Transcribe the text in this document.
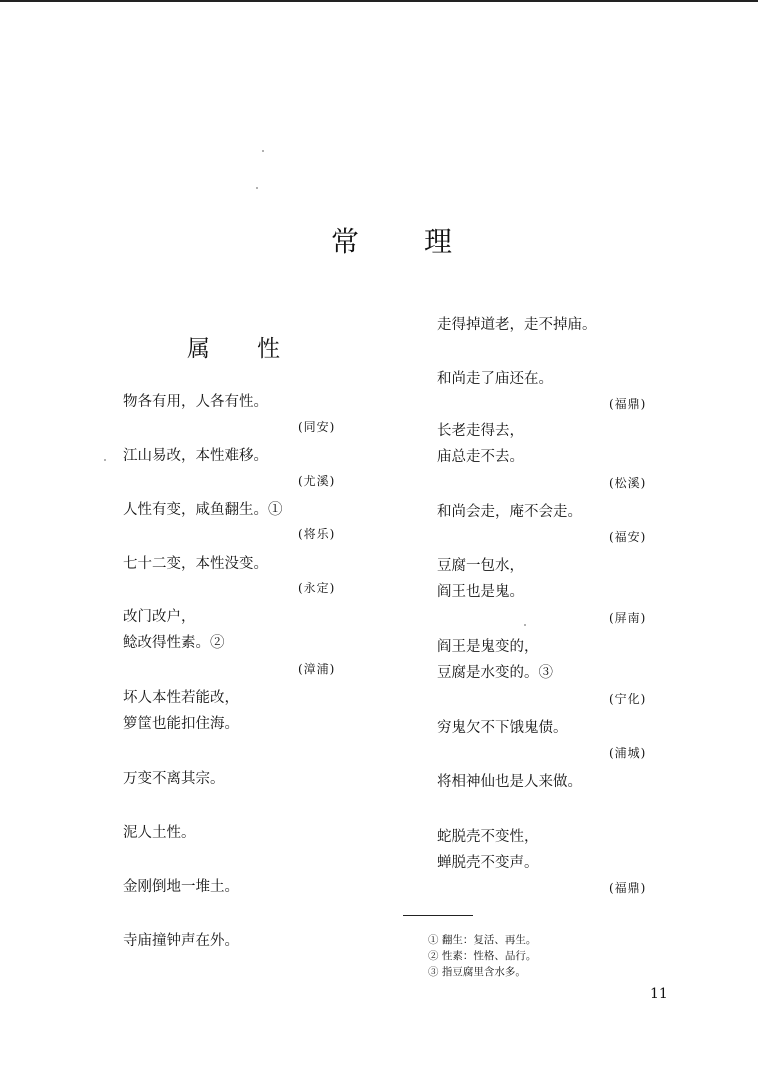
常 理
属 性
物各有用，人各有性。
(同安)
江山易改，本性难移。
(尤溪)
人性有变，咸鱼翻生。①
(将乐)
七十二变，本性没变。
(永定)
改门改户，
鲶改得性素。②
(漳浦)
坏人本性若能改，
箩筐也能扣住海。
万变不离其宗。
泥人土性。
金刚倒地一堆土。
寺庙撞钟声在外。
走得掉道老，走不掉庙。
和尚走了庙还在。
(福鼎)
长老走得去，
庙总走不去。
(松溪)
和尚会走，庵不会走。
(福安)
豆腐一包水，
阎王也是鬼。
(屏南)
阎王是鬼变的，
豆腐是水变的。③
(宁化)
穷鬼欠不下饿鬼债。
(浦城)
将相神仙也是人来做。
蛇脱壳不变性，
蝉脱壳不变声。
(福鼎)
① 翻生：复活、再生。
② 性素：性格、品行。
③ 指豆腐里含水多。
11
